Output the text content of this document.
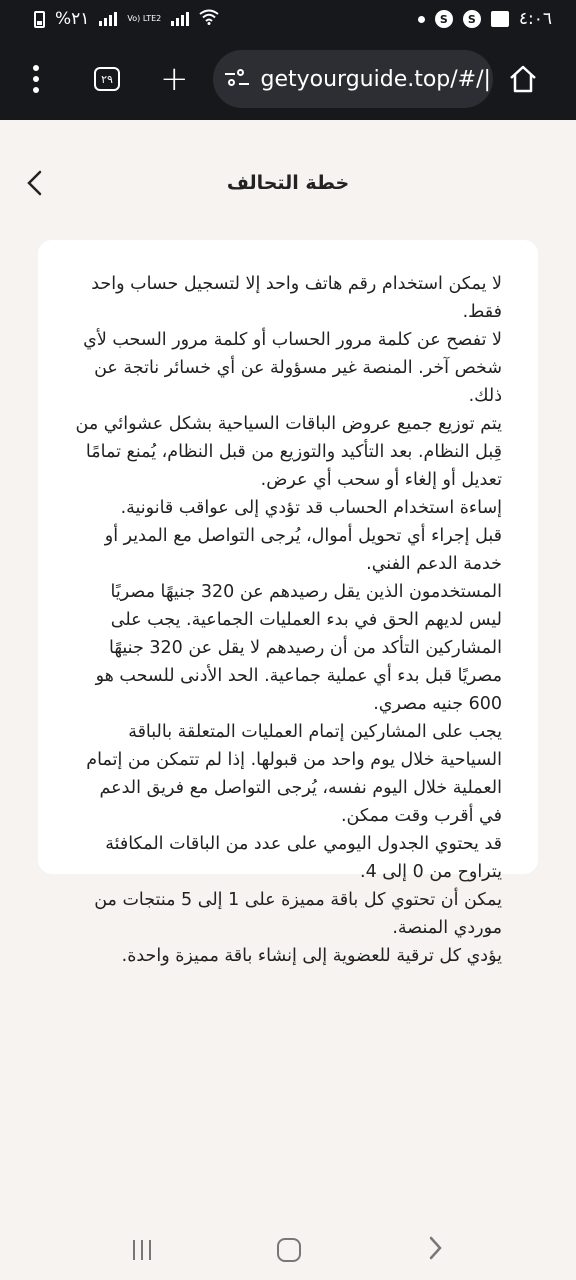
%٢١	Vo) LTE2	S	S	٤:٠٦
٢٩ +	getyourguide.top/#/|
خطة التحالف

لا يمكن استخدام رقم هاتف واحد إلا لتسجيل حساب واحد فقط.

لا تفصح عن كلمة مرور الحساب أو كلمة مرور السحب لأي شخص آخر. المنصة غير مسؤولة عن أي خسائر ناتجة عن ذلك.

يتم توزيع جميع عروض الباقات السياحية بشكل عشوائي من قِبل النظام. بعد التأكيد والتوزيع من قبل النظام، يُمنع تمامًا تعديل أو إلغاء أو سحب أي عرض.

إساءة استخدام الحساب قد تؤدي إلى عواقب قانونية.

قبل إجراء أي تحويل أموال، يُرجى التواصل مع المدير أو خدمة الدعم الفني.

المستخدمون الذين يقل رصيدهم عن 320 جنيهًا مصريًا ليس لديهم الحق في بدء العمليات الجماعية. يجب على المشاركين التأكد من أن رصيدهم لا يقل عن 320 جنيهًا مصريًا قبل بدء أي عملية جماعية. الحد الأدنى للسحب هو 600 جنيه مصري.

يجب على المشاركين إتمام العمليات المتعلقة بالباقة السياحية خلال يوم واحد من قبولها. إذا لم تتمكن من إتمام العملية خلال اليوم نفسه، يُرجى التواصل مع فريق الدعم في أقرب وقت ممكن.

قد يحتوي الجدول اليومي على عدد من الباقات المكافئة يتراوح من 0 إلى 4.

يمكن أن تحتوي كل باقة مميزة على 1 إلى 5 منتجات من موردي المنصة.

يؤدي كل ترقية للعضوية إلى إنشاء باقة مميزة واحدة.
